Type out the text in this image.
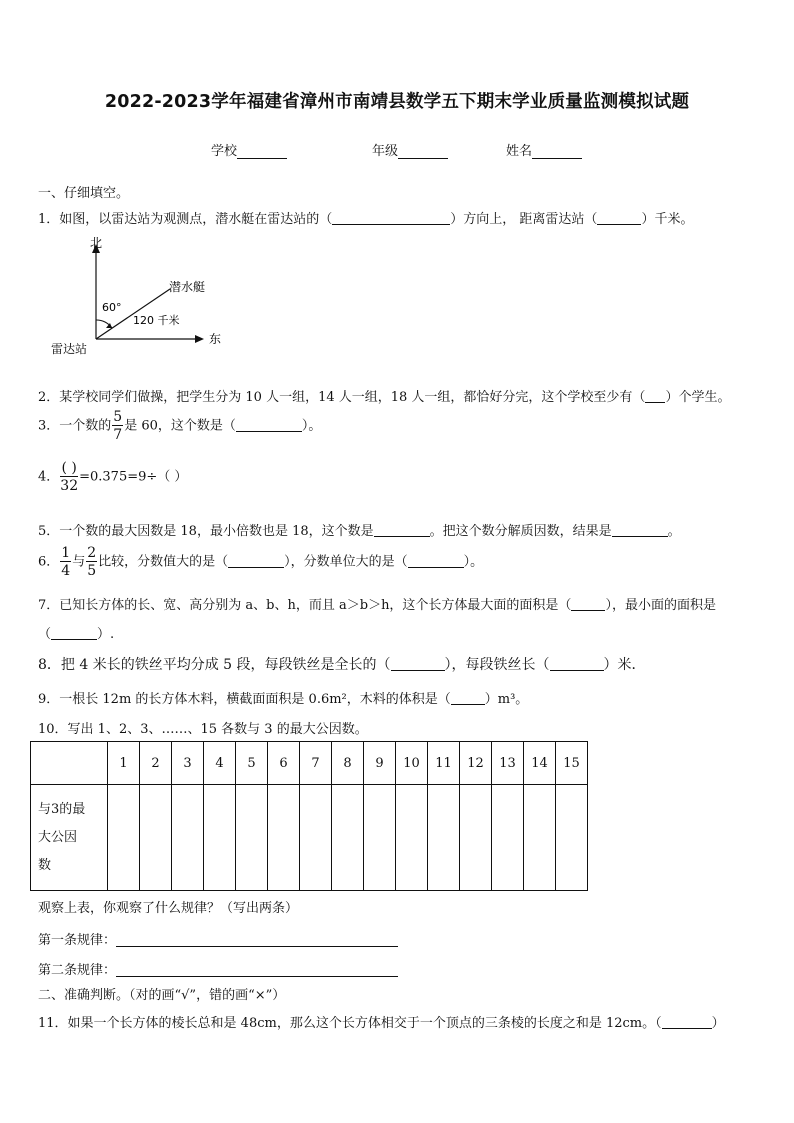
2022-2023学年福建省漳州市南靖县数学五下期末学业质量监测模拟试题
学校	年级	姓名
一、仔细填空。
1．如图，以雷达站为观测点，潜水艇在雷达站的（	）方向上， 距离雷达站（	）千米。
北
东
雷达站
潜水艇
60°
120 千米
2．某学校同学们做操，把学生分为 10 人一组，14 人一组，18 人一组，都恰好分完，这个学校至少有（ ）个学生。
3．一个数的 $\frac{5}{7}$ 是 60，这个数是（	）。
4． $\frac{( )}{32} =0.375=9\div$（ ）
5．一个数的最大因数是 18，最小倍数也是 18，这个数是	。把这个数分解质因数，结果是	。
6． $\frac{1}{4}$ 与 $\frac{2}{5}$ 比较，分数值大的是（	），分数单位大的是（	）。
7．已知长方体的长、宽、高分别为 a、b、h，而且 a＞b＞h，这个长方体最大面的面积是（	），最小面的面积是
（	）.
8．把 4 米长的铁丝平均分成 5 段，每段铁丝是全长的（	），每段铁丝长（	）米．
9．一根长 12m 的长方体木料，横截面面积是 0.6m²，木料的体积是（	）m³。
10．写出 1、2、3、……、15 各数与 3 的最大公因数。
	1	2	3	4	5	6	7	8	9	10	11	12	13	14	15

与3的最
大公因
数															

观察上表，你观察了什么规律？（写出两条）
第一条规律：
第二条规律：
二、准确判断。（对的画“√”，错的画“×”）
11．如果一个长方体的棱长总和是 48cm，那么这个长方体相交于一个顶点的三条棱的长度之和是 12cm。（	）
